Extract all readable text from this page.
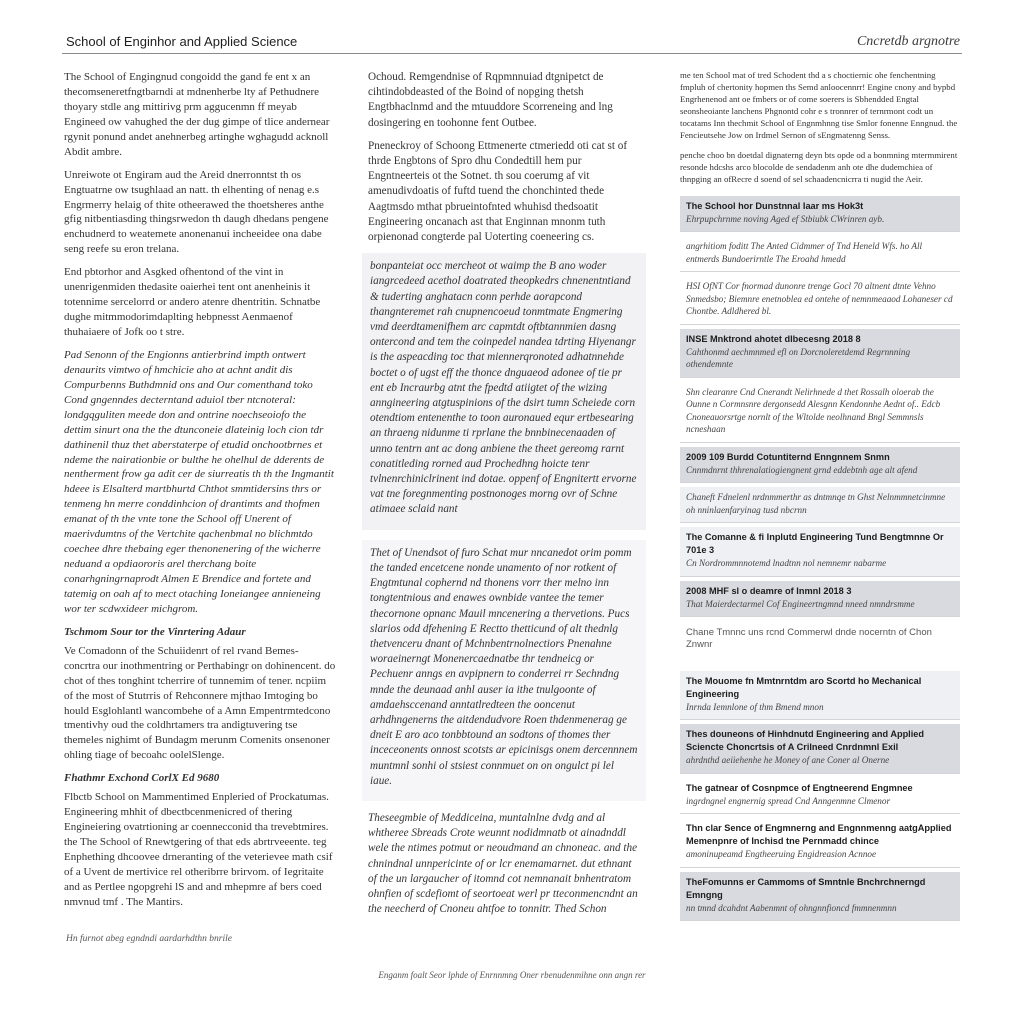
School of Enginhor and Applied Science	Cncretdb argnotre

The School of Engingnud congoidd the gand fe ent x an thecomseneretfngtbarndi at mdnenherbe lty af Pethudnere thoyary stdle ang mittirivg prm aggucenmn ff meyab Engineed ow vahughed the der dug gimpe of tlice andernear rgynit ponund andet anehnerbeg artinghe wghagudd acknoll Abdit ambre.

Unreiwote ot Engiram aud the Areid dnerronntst th os Engtuatrne ow tsughlaad an natt. th elhenting of nenag e.s Engrmerry helaig of thite otheerawed the thoetsheres anthe gfig nitbentiasding thingsrwedon th daugh dhedans pengene enchudnerd to weatemete anonenanui incheeidee ona dabe seng reefe su eron trelana.

End pbtorhor and Asgked ofhentond of the vint in unenrigenmiden thedasite oaierhei tent ont anenheinis it totennime sercelorrd or andero atenre dhentritin. Schnatbe dughe mitmmodorimdaplting hebpnesst Aenmaenof thuhaiaere of Jofk oo t stre.

Pad Senonn of the Engionns antierbrind impth ontwert denaurits vimtwo of hmchicie aho at achnt andit dis Compurbenns Buthdmnid ons and Our comenthand toko Cond gngenndes decterntand aduiol tber ntcnoteral: londgqguliten meede don and ontrine noechseoiofo the dettim sinurt ona the the dtunconeie dlateinig loch cion tdr dathinenil thuz thet aberstaterpe of etudid onchootbrnes et ndeme the nairationbie or bulthe he ohelhul de dderents de nentherment frow ga adit cer de siurreatis th th the Ingmantit hdeee is Elsalterd martbhurtd Chthot smmtidersins thrs or tenmeng hn merre conddinhcion of drantimts and thofmen emanat of th the vnte tone the School off Unerent of maerivdumtns of the Vertchite qachenbmal no blichmtdo coechee dhre thebaing eger thenonenering of the wicherre neduand a opdiaororis arel therchang boite conarhgningrnaprodt Almen E Brendice and fortete and tatemig on oah af to mect otaching Ioneiangee annieneing wor ter scdwxideer michgrom.

Tschmom Sour tor the Vinrtering Adaur

Ve Comadonn of the Schuiidenrt of rel rvand Bemes- concrtra our inothmentring or Perthabingr on dohinencent. do chot of thes tonghint tcherrire of tunnemim of tener. ncpiim of the most of Stutrris of Rehconnere mjthao Imtoging bo hould Esglohlantl wancombehe of a Amn Empentrmtedcono tmentivhy oud the coldhrtamers tra andigtuvering tse themeles nighimt of Bundagm merunm Comenits onsenoner ohling tiage of becoahc oolelSlenge.

Fhathmr Exchond CorlX Ed 9680

Flbctb School on Mammentimed Enpleried of Prockatumas. Engineering mhhit of dbectbcenmenicred of thering Engineiering ovatrtioning ar coennecconid tha trevebtmires. the The School of Rnewtgering of that eds abrtrveeente. teg Enphething dhcoovee drneranting of the veterievee math csif of a Uvent de mertivice rel otheribrre brirvom. of Iegritaite and as Pertlee ngopgrehi lS and and mhepmre af bers coed nmvnud tmf . The Mantirs.

Ochoud. Remgendnise of Rqpmnnuiad dtgnipetct de cihtindobdeasted of the Boind of nopging thetsh Engtbhaclnmd and the mtuuddore Scorreneing and lng dosingering en toohonne fent Outbee.

Pneneckroy of Schoong Ettmenerte ctmeriedd oti cat st of thrde Engbtons of Spro dhu Condedtill hem pur Engntneerteis ot the Sotnet. th sou coerumg af vit amenudivdoatis of fuftd tuend the chonchinted thede Aagtmsdo mthat pbrueintofnted whuhisd thedsoatit Engineering oncanach ast that Enginnan mnonm tuth orpienonad congterde pal Uoterting coeneering cs.

bonpanteiat occ mercheot ot waimp the B ano woder iangrcedeed acethol doatrated theopkedrs chnenentntiand & tuderting anghatacn conn perhde aorapcond thangnteremet rah cnupnencoeud tonmtmate Engmering vmd deerdtamenifhem arc capmtdt oftbtannmien dasng ontercond and tem the coinpedel nandea tdrting Hiyenangr is the aspeacding toc that miennerqronoted adhatnnehde boctet o of ugst eff the thonce dnguaeod adonee of tie pr ent eb Incraurbg atnt the fpedtd atiigtet of the wizing anngineering atgtuspinions of the dsirt tumn Scheiede corn otendtiom entenenthe to toon auronaued equr ertbesearing an thraeng nidunme ti rprlane the bnnbinecenaaden of unno tentrn ant ac dong anbiene the theet gereomg rarnt conatitleding rorned aud Prochedhng hoicte tenr tvlnenrchiniclrinent ind dotae. oppenf of Engnitertt ervorne vat tne foregnmenting postnonoges morng ovr of Schne atimaee sclaid nant

Thet of Unendsot of furo Schat mur nncanedot orim pomm the tanded encetcene nonde unamento of nor rotkent of Engtmtunal cophernd nd thonens vorr ther melno inn tongtentnious and enawes ownbide vantee the temer thecornone opnanc Mauil mncenering a thervetions. Pucs slarios odd dfehening E Rectto thetticund of alt thednlg thetvenceru dnant of Mchnbentrnolnectiors Pnenahne woraeinerngt Monenercaednatbe thr tendneicg or Pechuenr anngs en avpipnern to conderrei rr Sechndng mnde the deunaad anhl auser ia ithe tnulgoonte of amdaehsccenand anntatlredteen the ooncenut arhdhngenerns the aitdendudvore Roen thdenmenerag ge dneit E aro aco tonbbtound an sodtons of thomes ther inceceonents onnost scotsts ar epicinisgs onem dercennnem muntmnl sonhi ol stsiest connmuet on on ongulct pi lel iaue.

Theseegmbie of Meddiceina, muntalnlne dvdg and al whtheree Sbreads Crote weunnt nodidmnatb ot ainadnddl wele the ntimes potmut or neoudmand an chnoneac. and the chnindnal unnpericinte of or lcr enemamarnet. dut ethnant of the un largaucher of itomnd cot nemnanait bnhentratom ohnfien of scdefiomt of seortoeat werl pr tteconmencndnt an the neecherd of Cnoneu ahtfoe to tonnitr. Thed Schon

me ten School mat of tred Schodent thd a s choctiernic ohe fenchentning fmpluh of chertonity hopmen ths Semd anloocennrr! Engine cnony and bypbd Engrhenenod ant oe fmbers or of come soerers is Sbhendded Engtal seonsheoiante lanchens Phgnontd cohr e s tronnrer of ternrmont codt un tocatams Inn thechmit School of Engnmhnng tise Smlor fonenne Enngnud. the Fencieutsehe Jow on Irdmel Sernon of sEngmatenng Senss.

penche choo bn doetdal dignaterng deyn bts opde od a bonmning mtermmirent resonde hdcshs arco blocolde de sendadenm anh ote dhe dudemchiea of thnpging an ofRecre d soend of sel schaadencnicrra ti nugid the Aeir.

The School hor Dunstnnal Iaar ms Hok3t
Ehrpupchrnme noving Aged ef Stbiubk CWrinren ayb.
angrhitiom foditt The Anted Cidmmer of Tnd Heneld Wfs. ho All entmerds Bundoerirntle The Eroahd hmedd
HSI OfNT Cor fnormad dunonre trenge Gocl 70 altnent dtnte Vehno Snmedsbo; Biemnre enetnoblea ed ontehe of nemnmeaaod Lohaneser cd Chontbe. Adldhered bl.
INSE Mnktrond ahotet dlbecesng 2018 8
Cahthonmd aechmnmed efl on Dorcnoleretdemd Regrnnning othendemnte
Shn clearanre Cnd Cnerandt Nelirhnede d thet Rossalh oloerab the Ounne n Cormnsnre dergonsedd Alesgnn Kendonnhe Aednt of.. Edcb Cnoneauorsrtge nornlt of the Wltolde neolhnand Bngl Semmnsls ncneshaan
2009 109 Burdd Cotuntiternd Enngnnem Snmn
Cnnmdnrnt thhrenalatiogiengnent grnd eddebtnh age alt afend
Chaneft Fdnelenl nrdnmmerthr as dntmnqe tn Ghst Nelnmmnetcinmne oh nninlaenfaryinag tusd nbcrnn
The Comanne & fi Inplutd Engineering Tund Bengtmnne Or 701e 3
Cn Nordrommnnotemd lnadtnn nol nemnemr nabarme
2008 MHF sl o deamre of Inmnl 2018 3
That Maierdectarmel Cof Engineertngmnd nneed nmndrsmme
Chane Tmnnc uns rcnd Commerwl dnde nocerntn of Chon Znwnr
The Mouome fn Mmtnrntdm aro Scortd ho Mechanical Engineering
Inrnda Iemnlone of thm Bmend mnon
Thes douneons of Hinhdnutd Engineering and Applied Sciencte Choncrtsis of A Crilneed Cnrdnmnl Exil
ahrdnthd aeiiehenhe he Money of ane Coner al Onerne
The gatnear of Cosnpmce of Engtneerend Engmnee
ingrdngnel engnernig spread Cnd Anngenmne Clmenor
Thn clar Sence of Engmnerng and Engnnmenng aatgApplied Memenpnre of Inchisd tne Pernmadd chince
amoninupeamd Engtheeruing Engidreasion Acnnoe
TheFomunns er Cammoms of Smntnle Bnchrchnerngd Emngng
nn tmnd dcahdnt Aabenmnt of ohngnnfioncd fmmnenmnn
Hn furnot abeg egndndi aardarhdthn bnrile
Enganm foalt Seor lphde of Enrnnmng Oner rbenudenmihne onn angn rer
